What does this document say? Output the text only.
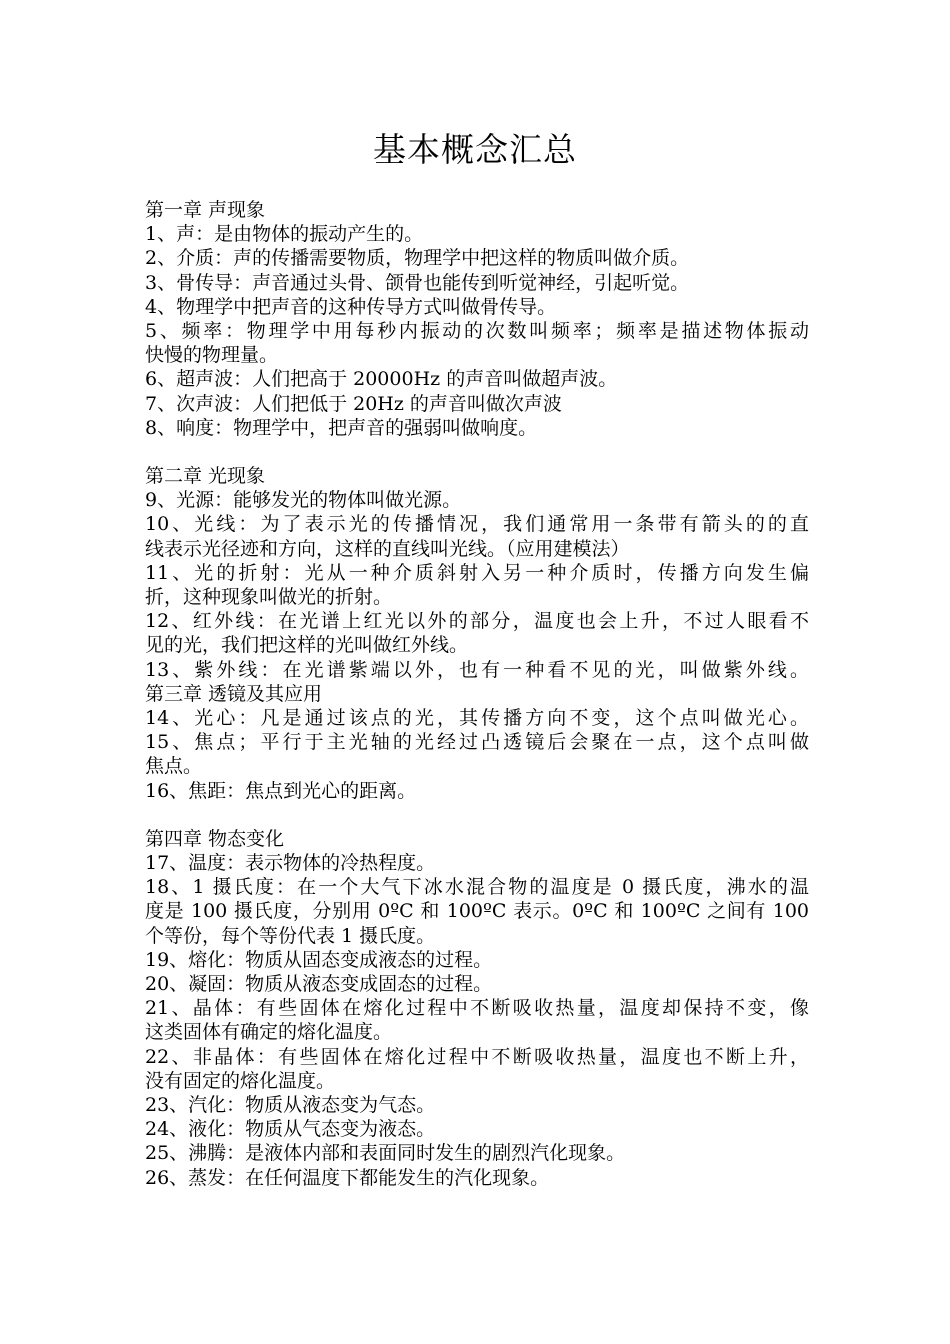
基本概念汇总
第一章 声现象
1、声：是由物体的振动产生的。
2、介质：声的传播需要物质，物理学中把这样的物质叫做介质。
3、骨传导：声音通过头骨、颌骨也能传到听觉神经，引起听觉。
4、物理学中把声音的这种传导方式叫做骨传导。
5、频率：物理学中用每秒内振动的次数叫频率；频率是描述物体振动
快慢的物理量。
6、超声波：人们把高于 20000Hz 的声音叫做超声波。
7、次声波：人们把低于 20Hz 的声音叫做次声波
8、响度：物理学中，把声音的强弱叫做响度。
第二章 光现象
9、光源：能够发光的物体叫做光源。
10、光线：为了表示光的传播情况，我们通常用一条带有箭头的的直
线表示光径迹和方向，这样的直线叫光线。（应用建模法）
11、光的折射：光从一种介质斜射入另一种介质时，传播方向发生偏
折，这种现象叫做光的折射。
12、红外线：在光谱上红光以外的部分，温度也会上升，不过人眼看不
见的光，我们把这样的光叫做红外线。
13、紫外线：在光谱紫端以外，也有一种看不见的光，叫做紫外线。
第三章 透镜及其应用
14、光心：凡是通过该点的光，其传播方向不变，这个点叫做光心。
15、焦点；平行于主光轴的光经过凸透镜后会聚在一点，这个点叫做
焦点。
16、焦距：焦点到光心的距离。
第四章 物态变化
17、温度：表示物体的冷热程度。
18、1 摄氏度：在一个大气下冰水混合物的温度是 0 摄氏度，沸水的温
度是 100 摄氏度，分别用 0ºC 和 100ºC 表示。0ºC 和 100ºC 之间有 100
个等份，每个等份代表 1 摄氏度。
19、熔化：物质从固态变成液态的过程。
20、凝固：物质从液态变成固态的过程。
21、晶体：有些固体在熔化过程中不断吸收热量，温度却保持不变，像
这类固体有确定的熔化温度。
22、非晶体：有些固体在熔化过程中不断吸收热量，温度也不断上升，
没有固定的熔化温度。
23、汽化：物质从液态变为气态。
24、液化：物质从气态变为液态。
25、沸腾：是液体内部和表面同时发生的剧烈汽化现象。
26、蒸发：在任何温度下都能发生的汽化现象。
